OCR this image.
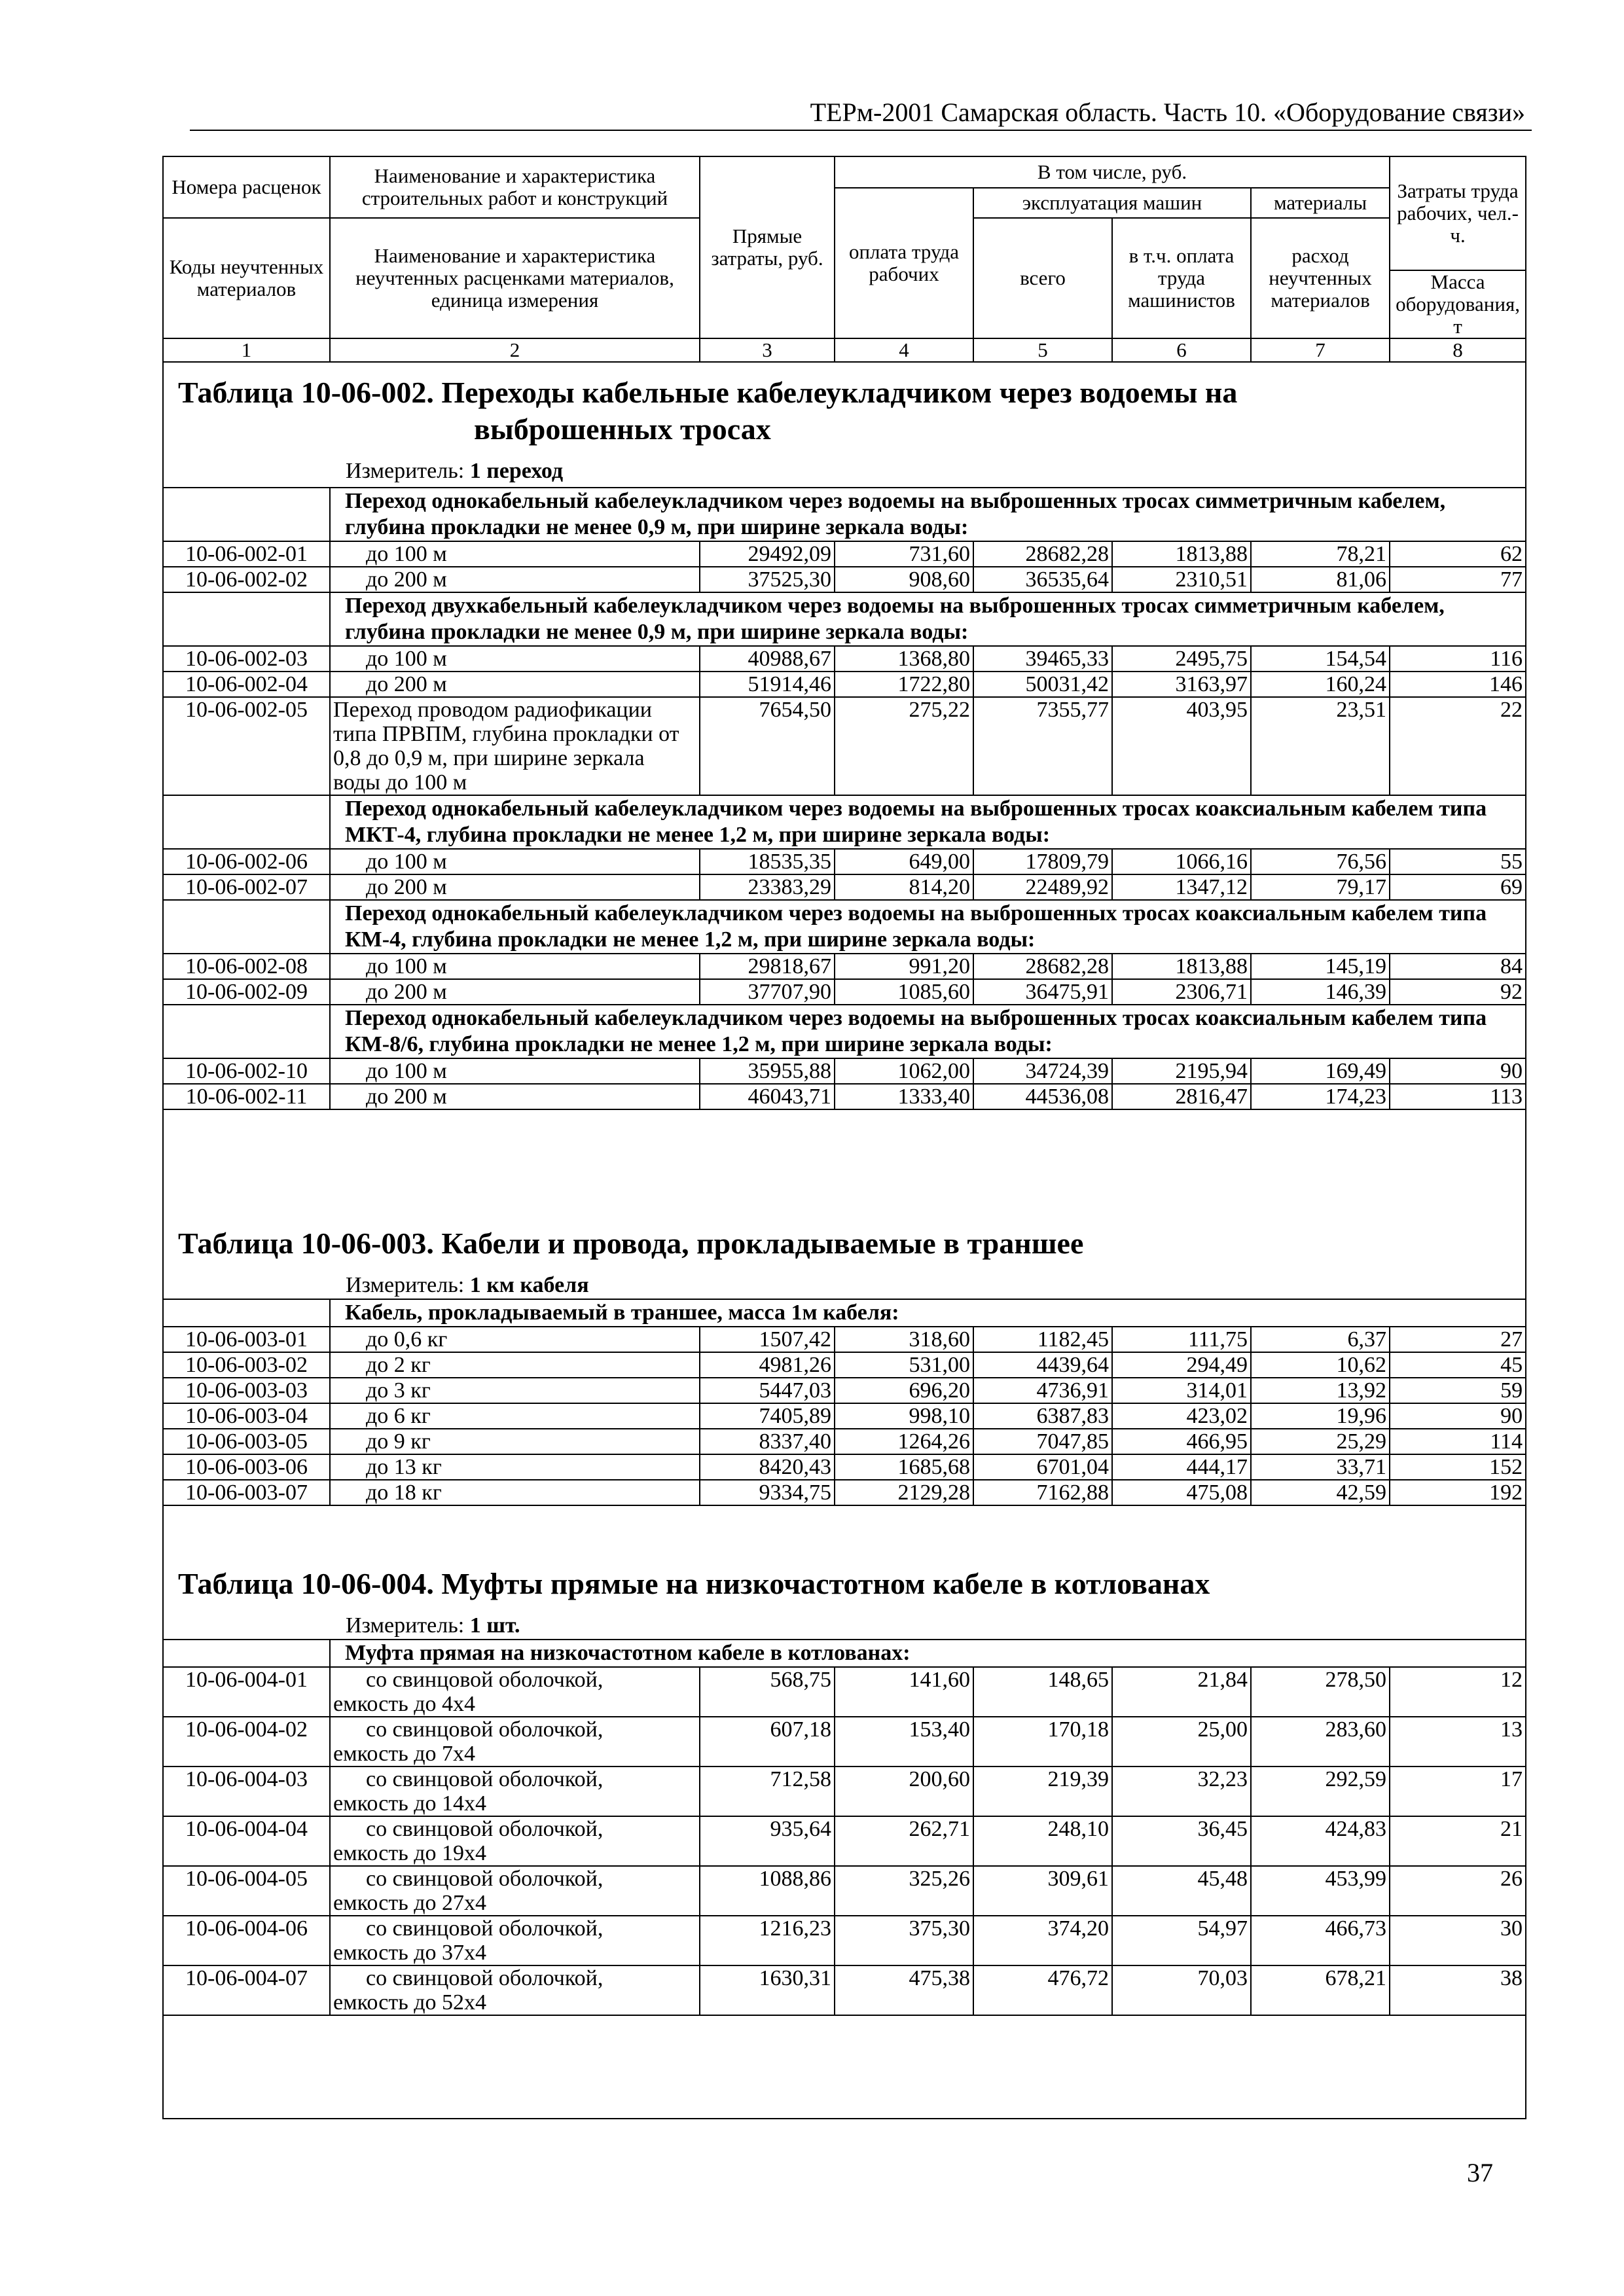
ТЕРм-2001 Самарская область. Часть 10. «Оборудование связи»
Номера расценок	Наименование и характеристика строительных работ и конструкций	Прямые затраты, руб.	В том числе, руб.				Затраты труда рабочих, чел.-ч.
			оплата труда рабочих	эксплуатация машин		материалы	
Коды неучтенных материалов	Наименование и характеристика неучтенных расценками материалов, единица измерения			всего	в т.ч. оплата труда машинистов	расход неучтенных материалов	
							Масса оборудования, т
1	2	3	4	5	6	7	8
Таблица 10-06-002. Переходы кабельные кабелеукладчиком через водоемы на
выброшенных тросах
Измеритель: 1 переход
	Переход однокабельный кабелеукладчиком через водоемы на выброшенных тросах симметричным кабелем, глубина прокладки не менее 0,9 м, при ширине зеркала воды:						
10-06-002-01	до 100 м	29492,09	731,60	28682,28	1813,88	78,21	62
10-06-002-02	до 200 м	37525,30	908,60	36535,64	2310,51	81,06	77
	Переход двухкабельный кабелеукладчиком через водоемы на выброшенных тросах симметричным кабелем, глубина прокладки не менее 0,9 м, при ширине зеркала воды:						
10-06-002-03	до 100 м	40988,67	1368,80	39465,33	2495,75	154,54	116
10-06-002-04	до 200 м	51914,46	1722,80	50031,42	3163,97	160,24	146
10-06-002-05	Переход проводом радиофикации типа ПРВПМ, глубина прокладки от 0,8 до 0,9 м, при ширине зеркала воды до 100 м	7654,50	275,22	7355,77	403,95	23,51	22
	Переход однокабельный кабелеукладчиком через водоемы на выброшенных тросах коаксиальным кабелем типа МКТ-4, глубина прокладки не менее 1,2 м, при ширине зеркала воды:						
10-06-002-06	до 100 м	18535,35	649,00	17809,79	1066,16	76,56	55
10-06-002-07	до 200 м	23383,29	814,20	22489,92	1347,12	79,17	69
	Переход однокабельный кабелеукладчиком через водоемы на выброшенных тросах коаксиальным кабелем типа КМ-4, глубина прокладки не менее 1,2 м, при ширине зеркала воды:						
10-06-002-08	до 100 м	29818,67	991,20	28682,28	1813,88	145,19	84
10-06-002-09	до 200 м	37707,90	1085,60	36475,91	2306,71	146,39	92
	Переход однокабельный кабелеукладчиком через водоемы на выброшенных тросах коаксиальным кабелем типа КМ-8/6, глубина прокладки не менее 1,2 м, при ширине зеркала воды:						
10-06-002-10	до 100 м	35955,88	1062,00	34724,39	2195,94	169,49	90
10-06-002-11	до 200 м	46043,71	1333,40	44536,08	2816,47	174,23	113
Таблица 10-06-003. Кабели и провода, прокладываемые в траншее
Измеритель: 1 км кабеля
	Кабель, прокладываемый в траншее, масса 1м кабеля:						
10-06-003-01	до 0,6 кг	1507,42	318,60	1182,45	111,75	6,37	27
10-06-003-02	до 2 кг	4981,26	531,00	4439,64	294,49	10,62	45
10-06-003-03	до 3 кг	5447,03	696,20	4736,91	314,01	13,92	59
10-06-003-04	до 6 кг	7405,89	998,10	6387,83	423,02	19,96	90
10-06-003-05	до 9 кг	8337,40	1264,26	7047,85	466,95	25,29	114
10-06-003-06	до 13 кг	8420,43	1685,68	6701,04	444,17	33,71	152
10-06-003-07	до 18 кг	9334,75	2129,28	7162,88	475,08	42,59	192
Таблица 10-06-004. Муфты прямые на низкочастотном кабеле в котлованах
Измеритель: 1 шт.
	Муфта прямая на низкочастотном кабеле в котлованах:						
10-06-004-01	со свинцовой оболочкой,
емкость до 4х4	568,75	141,60	148,65	21,84	278,50	12
10-06-004-02	со свинцовой оболочкой,
емкость до 7х4	607,18	153,40	170,18	25,00	283,60	13
10-06-004-03	со свинцовой оболочкой,
емкость до 14х4	712,58	200,60	219,39	32,23	292,59	17
10-06-004-04	со свинцовой оболочкой,
емкость до 19х4	935,64	262,71	248,10	36,45	424,83	21
10-06-004-05	со свинцовой оболочкой,
емкость до 27х4	1088,86	325,26	309,61	45,48	453,99	26
10-06-004-06	со свинцовой оболочкой,
емкость до 37х4	1216,23	375,30	374,20	54,97	466,73	30
10-06-004-07	со свинцовой оболочкой,
емкость до 52х4	1630,31	475,38	476,72	70,03	678,21	38
37
